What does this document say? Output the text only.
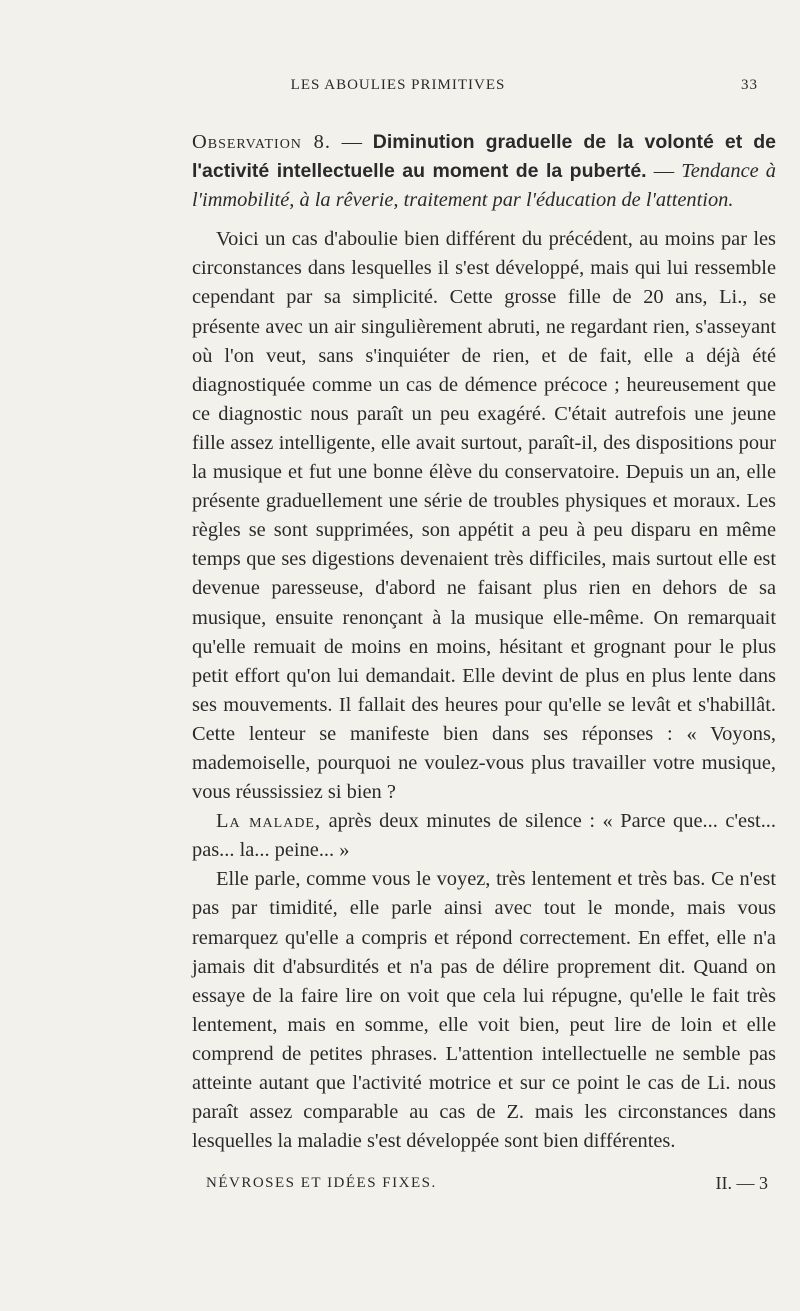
LES ABOULIES PRIMITIVES	33

Observation 8. — Diminution graduelle de la volonté et de l'activité intellectuelle au moment de la puberté. — Tendance à l'immobilité, à la rêverie, traitement par l'éducation de l'attention.

Voici un cas d'aboulie bien différent du précédent, au moins par les circonstances dans lesquelles il s'est développé, mais qui lui ressemble cependant par sa simplicité. Cette grosse fille de 20 ans, Li., se présente avec un air singulièrement abruti, ne regardant rien, s'asseyant où l'on veut, sans s'inquiéter de rien, et de fait, elle a déjà été diagnostiquée comme un cas de démence précoce ; heureusement que ce diagnostic nous paraît un peu exagéré. C'était autrefois une jeune fille assez intelligente, elle avait surtout, paraît-il, des dispositions pour la musique et fut une bonne élève du conservatoire. Depuis un an, elle présente graduellement une série de troubles physiques et moraux. Les règles se sont supprimées, son appétit a peu à peu disparu en même temps que ses digestions devenaient très difficiles, mais surtout elle est devenue paresseuse, d'abord ne faisant plus rien en dehors de sa musique, ensuite renonçant à la musique elle-même. On remarquait qu'elle remuait de moins en moins, hésitant et grognant pour le plus petit effort qu'on lui demandait. Elle devint de plus en plus lente dans ses mouvements. Il fallait des heures pour qu'elle se levât et s'habillât. Cette lenteur se manifeste bien dans ses réponses : « Voyons, mademoiselle, pourquoi ne voulez-vous plus travailler votre musique, vous réussissiez si bien ?

La malade, après deux minutes de silence : « Parce que... c'est... pas... la... peine... »

Elle parle, comme vous le voyez, très lentement et très bas. Ce n'est pas par timidité, elle parle ainsi avec tout le monde, mais vous remarquez qu'elle a compris et répond correctement. En effet, elle n'a jamais dit d'absurdités et n'a pas de délire proprement dit. Quand on essaye de la faire lire on voit que cela lui répugne, qu'elle le fait très lentement, mais en somme, elle voit bien, peut lire de loin et elle comprend de petites phrases. L'attention intellectuelle ne semble pas atteinte autant que l'activité motrice et sur ce point le cas de Li. nous paraît assez comparable au cas de Z. mais les circonstances dans lesquelles la maladie s'est développée sont bien différentes.

NÉVROSES ET IDÉES FIXES.	II. — 3
